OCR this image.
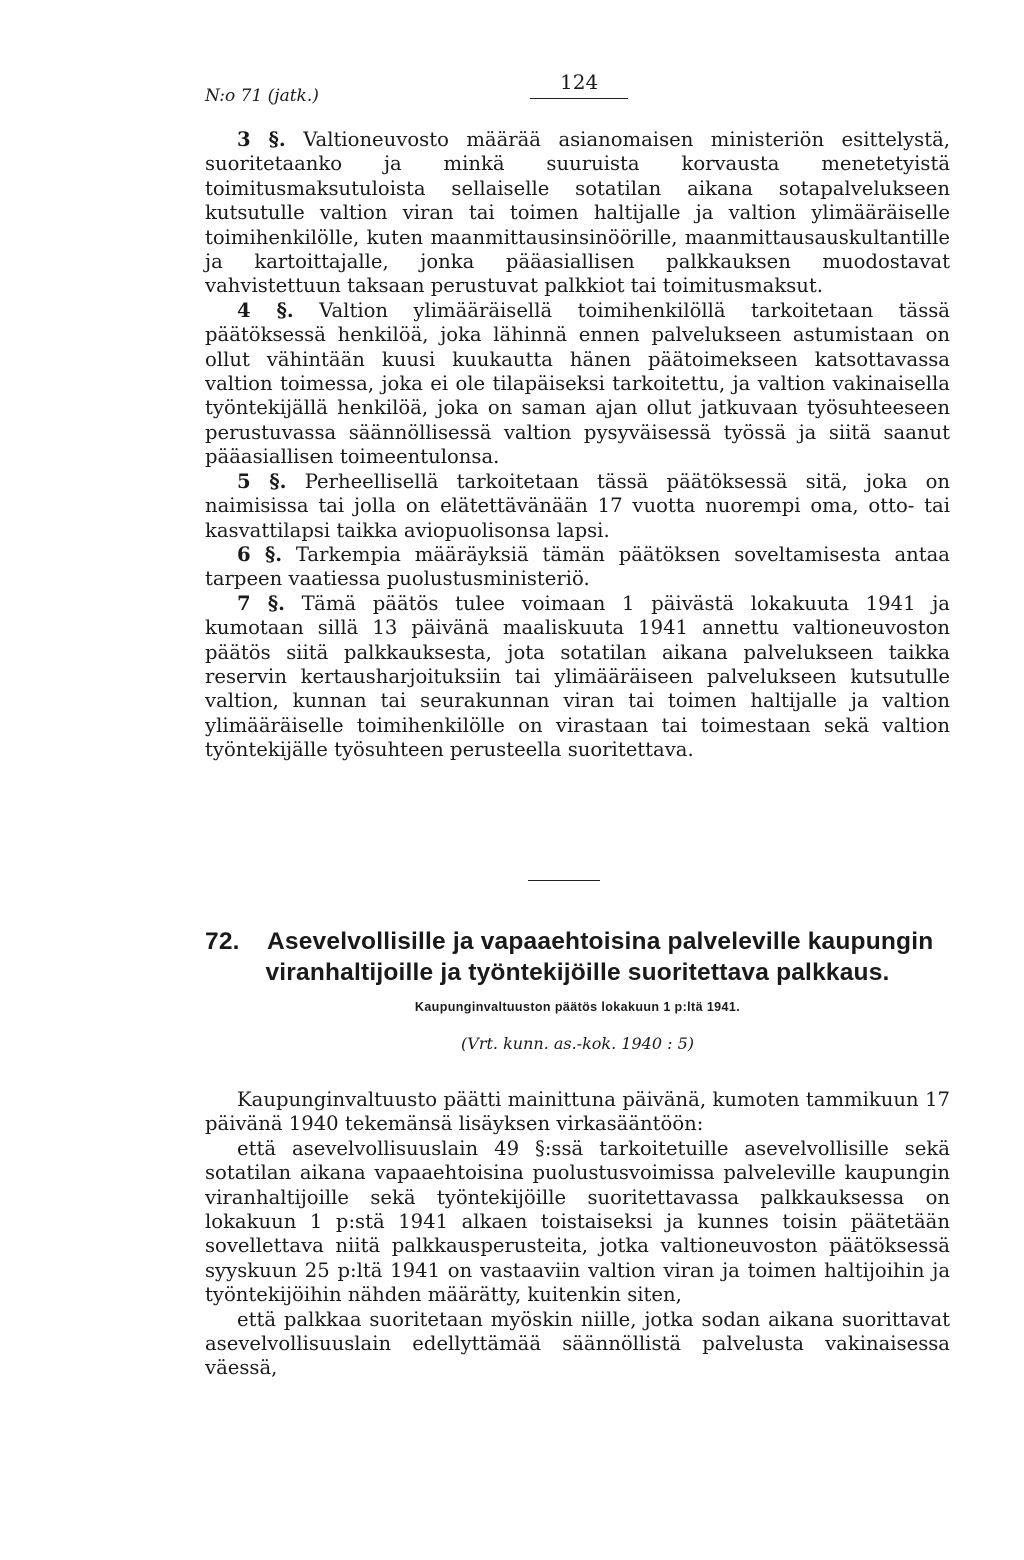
N:o 71 (jatk.)
124

3 §. Valtioneuvosto määrää asianomaisen ministeriön esittelystä, suoritetaanko ja minkä suuruista korvausta menetetyistä toimitusmaksutuloista sellaiselle sotatilan aikana sotapalvelukseen kutsutulle valtion viran tai toimen haltijalle ja valtion ylimääräiselle toimihenkilölle, kuten maanmittausinsinöörille, maanmittausauskultantille ja kartoittajalle, jonka pääasiallisen palkkauksen muodostavat vahvistettuun taksaan perustuvat palkkiot tai toimitusmaksut.

4 §. Valtion ylimääräisellä toimihenkilöllä tarkoitetaan tässä päätöksessä henkilöä, joka lähinnä ennen palvelukseen astumistaan on ollut vähintään kuusi kuukautta hänen päätoimekseen katsottavassa valtion toimessa, joka ei ole tilapäiseksi tarkoitettu, ja valtion vakinaisella työntekijällä henkilöä, joka on saman ajan ollut jatkuvaan työsuhteeseen perustuvassa säännöllisessä valtion pysyväisessä työssä ja siitä saanut pääasiallisen toimeentulonsa.

5 §. Perheellisellä tarkoitetaan tässä päätöksessä sitä, joka on naimisissa tai jolla on elätettävänään 17 vuotta nuorempi oma, otto- tai kasvattilapsi taikka aviopuolisonsa lapsi.

6 §. Tarkempia määräyksiä tämän päätöksen soveltamisesta antaa tarpeen vaatiessa puolustusministeriö.

7 §. Tämä päätös tulee voimaan 1 päivästä lokakuuta 1941 ja kumotaan sillä 13 päivänä maaliskuuta 1941 annettu valtioneuvoston päätös siitä palkkauksesta, jota sotatilan aikana palvelukseen taikka reservin kertausharjoituksiin tai ylimääräiseen palvelukseen kutsutulle valtion, kunnan tai seurakunnan viran tai toimen haltijalle ja valtion ylimääräiselle toimihenkilölle on virastaan tai toimestaan sekä valtion työntekijälle työsuhteen perusteella suoritettava.

72. Asevelvollisille ja vapaaehtoisina palveleville kaupungin
viranhaltijoille ja työntekijöille suoritettava palkkaus.
Kaupunginvaltuuston päätös lokakuun 1 p:ltä 1941.
(Vrt. kunn. as.-kok. 1940 : 5)

Kaupunginvaltuusto päätti mainittuna päivänä, kumoten tammikuun 17 päivänä 1940 tekemänsä lisäyksen virkasääntöön:

että asevelvollisuuslain 49 §:ssä tarkoitetuille asevelvollisille sekä sotatilan aikana vapaaehtoisina puolustusvoimissa palveleville kaupungin viranhaltijoille sekä työntekijöille suoritettavassa palkkauksessa on lokakuun 1 p:stä 1941 alkaen toistaiseksi ja kunnes toisin päätetään sovellettava niitä palkkausperusteita, jotka valtioneuvoston päätöksessä syyskuun 25 p:ltä 1941 on vastaaviin valtion viran ja toimen haltijoihin ja työntekijöihin nähden määrätty, kuitenkin siten,

että palkkaa suoritetaan myöskin niille, jotka sodan aikana suorittavat asevelvollisuuslain edellyttämää säännöllistä palvelusta vakinaisessa väessä,
